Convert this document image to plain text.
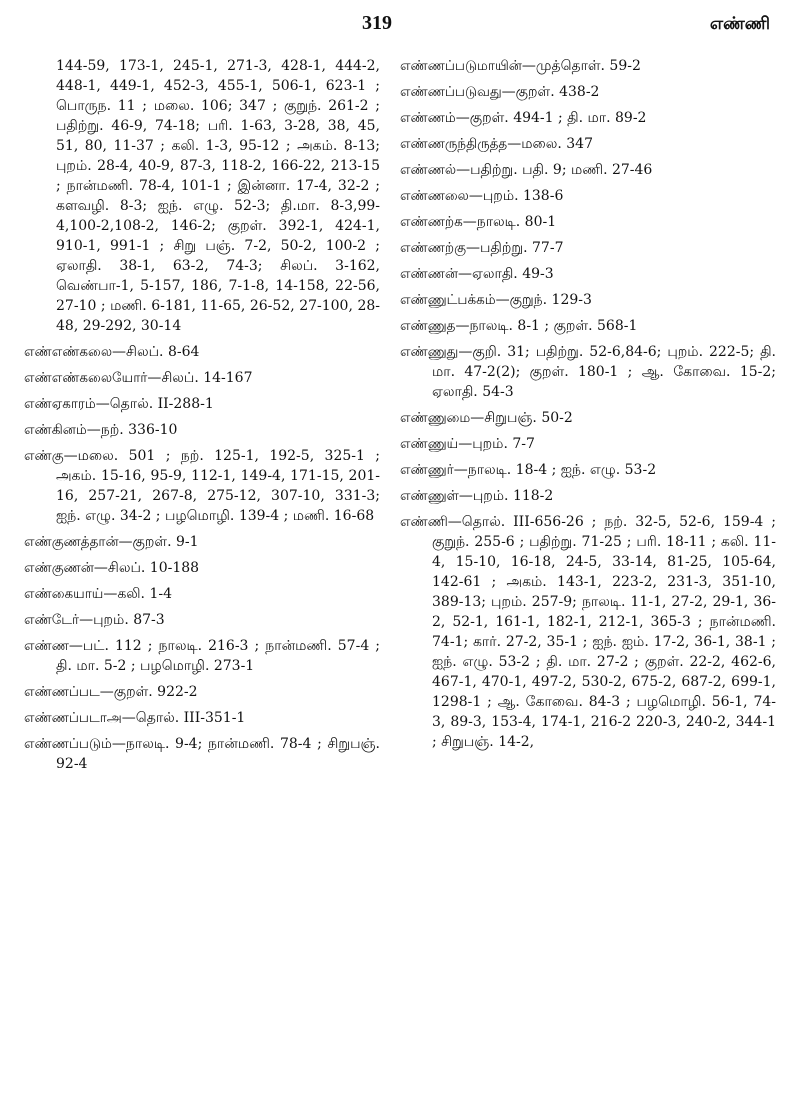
319	எண்ணி

144-59, 173-1, 245-1, 271-3, 428-1, 444-2, 448-1, 449-1, 452-3, 455-1, 506-1, 623-1 ; பொருந. 11 ; மலை. 106; 347 ; குறுந். 261-2 ; பதிற்று. 46-9, 74-18; பரி. 1-63, 3-28, 38, 45, 51, 80, 11-37 ; கலி. 1-3, 95-12 ; அகம். 8-13; புறம். 28-4, 40-9, 87-3, 118-2, 166-22, 213-15 ; நான்மணி. 78-4, 101-1 ; இன்னா. 17-4, 32-2 ; களவழி. 8-3; ஐந். எழு. 52-3; தி.மா. 8-3,99-4,100-2,108-2, 146-2; குறள். 392-1, 424-1, 910-1, 991-1 ; சிறு பஞ். 7-2, 50-2, 100-2 ; ஏலாதி. 38-1, 63-2, 74-3; சிலப். 3-162, வெண்பா-1, 5-157, 186, 7-1-8, 14-158, 22-56, 27-10 ; மணி. 6-181, 11-65, 26-52, 27-100, 28-48, 29-292, 30-14

எண்எண்கலை—சிலப். 8-64

எண்எண்கலையோர்—சிலப். 14-167

எண்ஏகாரம்—தொல். II-288-1

எண்கினம்—நற். 336-10

எண்கு—மலை. 501 ; நற். 125-1, 192-5, 325-1 ; அகம். 15-16, 95-9, 112-1, 149-4, 171-15, 201-16, 257-21, 267-8, 275-12, 307-10, 331-3; ஐந். எழு. 34-2 ; பழமொழி. 139-4 ; மணி. 16-68

எண்குணத்தான்—குறள். 9-1

எண்குணன்—சிலப். 10-188

எண்கையாய்—கலி. 1-4

எண்டேர்—புறம். 87-3

எண்ண—பட். 112 ; நாலடி. 216-3 ; நான்மணி. 57-4 ; தி. மா. 5-2 ; பழமொழி. 273-1

எண்ணப்பட—குறள். 922-2

எண்ணப்படாஅ—தொல். III-351-1

எண்ணப்படும்—நாலடி. 9-4; நான்மணி. 78-4 ; சிறுபஞ். 92-4

எண்ணப்படுமாயின்—முத்தொள். 59-2

எண்ணப்படுவது—குறள். 438-2

எண்ணம்—குறள். 494-1 ; தி. மா. 89-2

எண்ணருந்திருத்த—மலை. 347

எண்ணல்—பதிற்று. பதி. 9; மணி. 27-46

எண்ணலை—புறம். 138-6

எண்ணற்க—நாலடி. 80-1

எண்ணற்கு—பதிற்று. 77-7

எண்ணன்—ஏலாதி. 49-3

எண்ணுட்பக்கம்—குறுந். 129-3

எண்ணுத—நாலடி. 8-1 ; குறள். 568-1

எண்ணுது—குறி. 31; பதிற்று. 52-6,84-6; புறம். 222-5; தி. மா. 47-2(2); குறள். 180-1 ; ஆ. கோவை. 15-2; ஏலாதி. 54-3

எண்ணுமை—சிறுபஞ். 50-2

எண்ணுய்—புறம். 7-7

எண்ணுர்—நாலடி. 18-4 ; ஐந். எழு. 53-2

எண்ணுள்—புறம். 118-2

எண்ணி—தொல். III-656-26 ; நற். 32-5, 52-6, 159-4 ; குறுந். 255-6 ; பதிற்று. 71-25 ; பரி. 18-11 ; கலி. 11-4, 15-10, 16-18, 24-5, 33-14, 81-25, 105-64, 142-61 ; அகம். 143-1, 223-2, 231-3, 351-10, 389-13; புறம். 257-9; நாலடி. 11-1, 27-2, 29-1, 36-2, 52-1, 161-1, 182-1, 212-1, 365-3 ; நான்மணி. 74-1; கார். 27-2, 35-1 ; ஐந். ஐம். 17-2, 36-1, 38-1 ; ஐந். எழு. 53-2 ; தி. மா. 27-2 ; குறள். 22-2, 462-6, 467-1, 470-1, 497-2, 530-2, 675-2, 687-2, 699-1, 1298-1 ; ஆ. கோவை. 84-3 ; பழமொழி. 56-1, 74-3, 89-3, 153-4, 174-1, 216-2 220-3, 240-2, 344-1 ; சிறுபஞ். 14-2,
